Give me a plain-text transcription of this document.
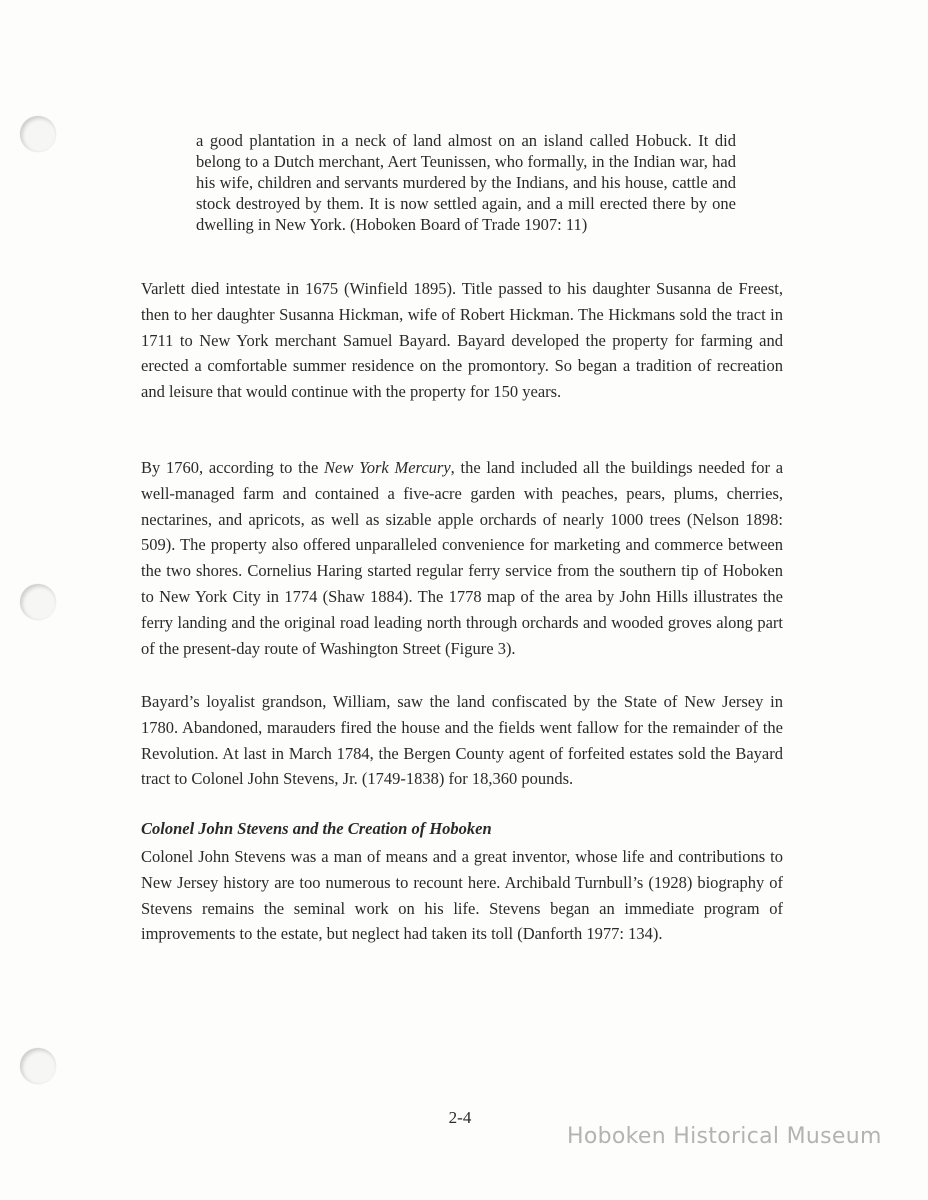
a good plantation in a neck of land almost on an island called Hobuck. It did belong to a Dutch merchant, Aert Teunissen, who formally, in the Indian war, had his wife, children and servants murdered by the Indians, and his house, cattle and stock destroyed by them. It is now settled again, and a mill erected there by one dwelling in New York. (Hoboken Board of Trade 1907: 11)

Varlett died intestate in 1675 (Winfield 1895). Title passed to his daughter Susanna de Freest, then to her daughter Susanna Hickman, wife of Robert Hickman. The Hickmans sold the tract in 1711 to New York merchant Samuel Bayard. Bayard developed the property for farming and erected a comfortable summer residence on the promontory. So began a tradition of recreation and leisure that would continue with the property for 150 years.

By 1760, according to the New York Mercury, the land included all the buildings needed for a well-managed farm and contained a five-acre garden with peaches, pears, plums, cherries, nectarines, and apricots, as well as sizable apple orchards of nearly 1000 trees (Nelson 1898: 509). The property also offered unparalleled convenience for marketing and commerce between the two shores. Cornelius Haring started regular ferry service from the southern tip of Hoboken to New York City in 1774 (Shaw 1884). The 1778 map of the area by John Hills illustrates the ferry landing and the original road leading north through orchards and wooded groves along part of the present-day route of Washington Street (Figure 3).

Bayard’s loyalist grandson, William, saw the land confiscated by the State of New Jersey in 1780. Abandoned, marauders fired the house and the fields went fallow for the remainder of the Revolution. At last in March 1784, the Bergen County agent of forfeited estates sold the Bayard tract to Colonel John Stevens, Jr. (1749-1838) for 18,360 pounds.

Colonel John Stevens and the Creation of Hoboken

Colonel John Stevens was a man of means and a great inventor, whose life and contributions to New Jersey history are too numerous to recount here. Archibald Turnbull’s (1928) biography of Stevens remains the seminal work on his life. Stevens began an immediate program of improvements to the estate, but neglect had taken its toll (Danforth 1977: 134).

2-4
Hoboken Historical Museum
